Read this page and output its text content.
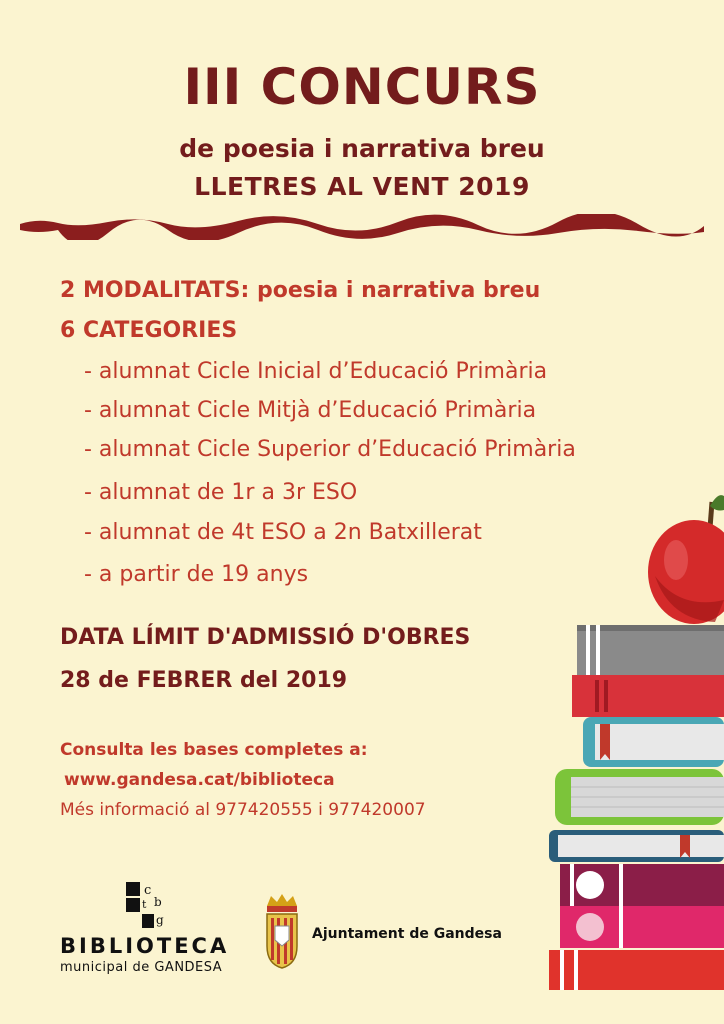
III CONCURS
de poesia i narrativa breu
LLETRES AL VENT 2019
2 MODALITATS: poesia i narrativa breu
6 CATEGORIES
- alumnat Cicle Inicial d’Educació Primària
- alumnat Cicle Mitjà d’Educació Primària
- alumnat Cicle Superior d’Educació Primària
- alumnat de 1r a 3r ESO
- alumnat de 4t ESO a 2n Batxillerat
- a partir de 19 anys
DATA LÍMIT D'ADMISSIÓ D'OBRES
28 de FEBRER del 2019
Consulta les bases completes a:
www.gandesa.cat/biblioteca
Més informació al 977420555 i 977420007
c
b
g
t
BIBLIOTECA
municipal de GANDESA
Ajuntament de Gandesa
